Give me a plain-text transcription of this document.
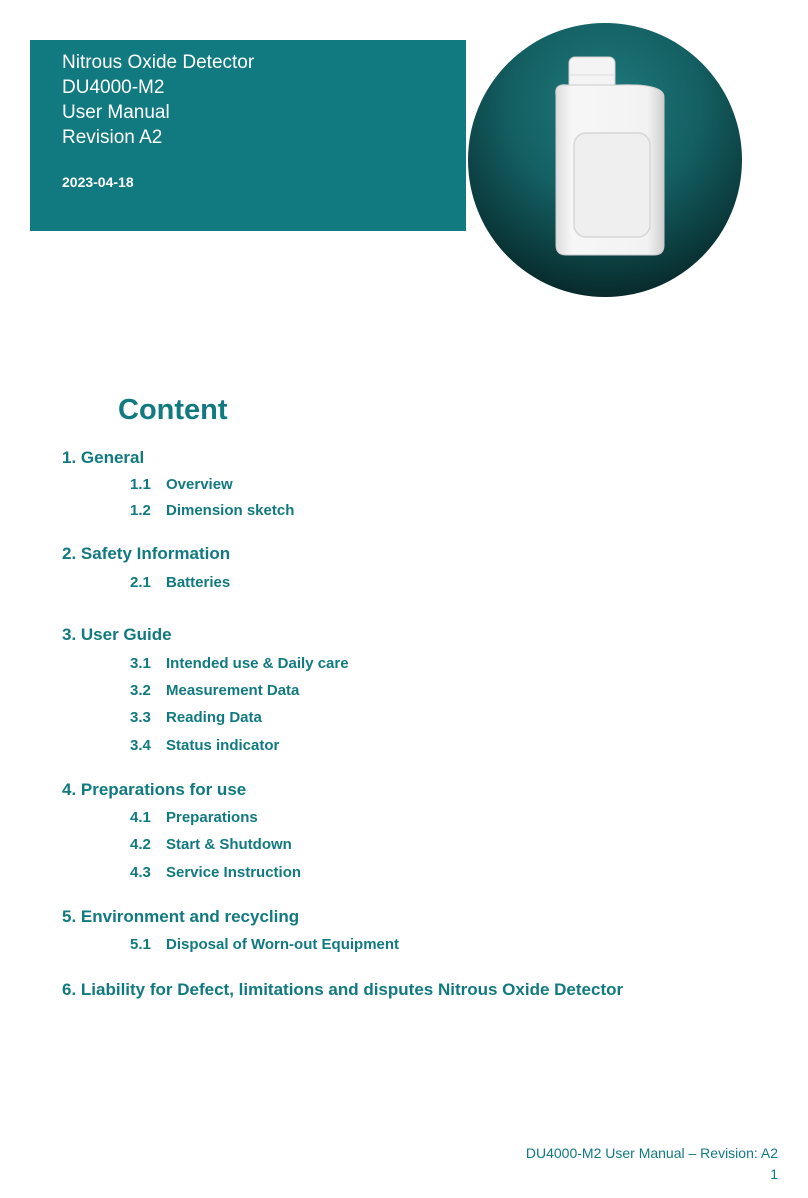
Nitrous Oxide Detector
DU4000-M2
User Manual
Revision A2
2023-04-18
Content
1. General
1.1 Overview
1.2 Dimension sketch
2. Safety Information
2.1 Batteries
3. User Guide
3.1 Intended use & Daily care
3.2 Measurement Data
3.3 Reading Data
3.4 Status indicator
4. Preparations for use
4.1 Preparations
4.2 Start & Shutdown
4.3 Service Instruction
5. Environment and recycling
5.1 Disposal of Worn-out Equipment
6. Liability for Defect, limitations and disputes Nitrous Oxide Detector
DU4000-M2 User Manual – Revision: A2
1
